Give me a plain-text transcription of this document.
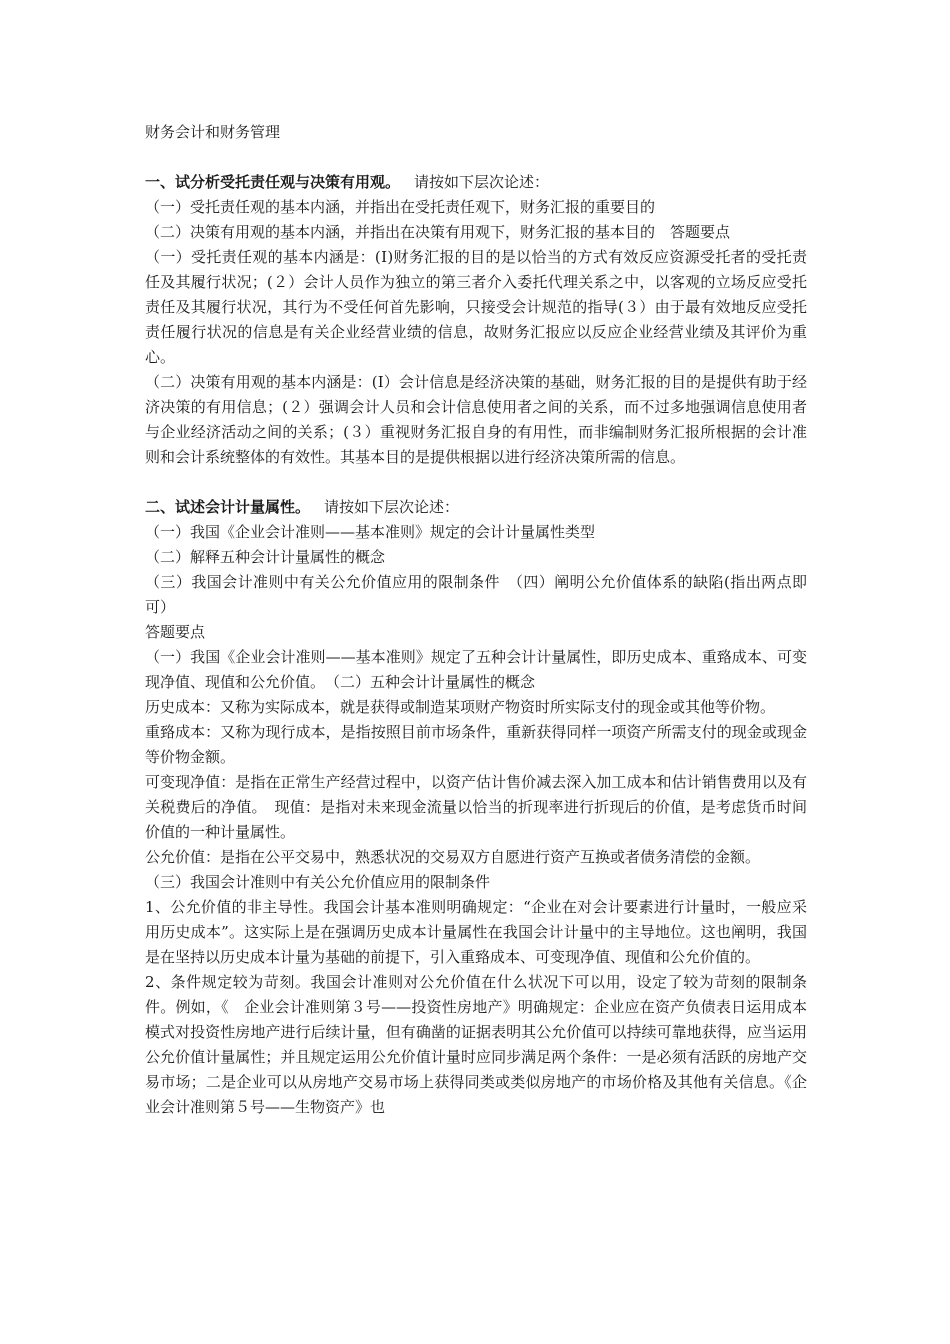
财务会计和财务管理

一、试分析受托责任观与决策有用观。 请按如下层次论述：

（一）受托责任观的基本内涵，并指出在受托责任观下，财务汇报的重要目的

（二）决策有用观的基本内涵，并指出在决策有用观下，财务汇报的基本目的　答题要点

（一）受托责任观的基本内涵是：(Ⅰ)财务汇报的目的是以恰当的方式有效反应资源受托者的受托责任及其履行状况；(２）会计人员作为独立的第三者介入委托代理关系之中，以客观的立场反应受托责任及其履行状况，其行为不受任何首先影响，只接受会计规范的指导(３）由于最有效地反应受托责任履行状况的信息是有关企业经营业绩的信息，故财务汇报应以反应企业经营业绩及其评价为重心。

（二）决策有用观的基本内涵是：(Ⅰ）会计信息是经济决策的基础，财务汇报的目的是提供有助于经济决策的有用信息；(２）强调会计人员和会计信息使用者之间的关系，而不过多地强调信息使用者与企业经济活动之间的关系；(３）重视财务汇报自身的有用性，而非编制财务汇报所根据的会计准则和会计系统整体的有效性。其基本目的是提供根据以进行经济决策所需的信息。

二、试述会计计量属性。 请按如下层次论述：

（一）我国《企业会计准则——基本准则》规定的会计计量属性类型

（二）解释五种会计计量属性的概念

（三）我国会计准则中有关公允价值应用的限制条件　（四）阐明公允价值体系的缺陷(指出两点即可）

答题要点

（一）我国《企业会计准则——基本准则》规定了五种会计计量属性，即历史成本、重臵成本、可变现净值、现值和公允价值。　（二）五种会计计量属性的概念

历史成本：又称为实际成本，就是获得或制造某项财产物资时所实际支付的现金或其他等价物。

重臵成本：又称为现行成本，是指按照目前市场条件，重新获得同样一项资产所需支付的现金或现金等价物金额。

可变现净值：是指在正常生产经营过程中，以资产估计售价减去深入加工成本和估计销售费用以及有关税费后的净值。　现值：是指对未来现金流量以恰当的折现率进行折现后的价值，是考虑货币时间价值的一种计量属性。

公允价值：是指在公平交易中，熟悉状况的交易双方自愿进行资产互换或者债务清偿的金额。

（三）我国会计准则中有关公允价值应用的限制条件

1、公允价值的非主导性。我国会计基本准则明确规定：“企业在对会计要素进行计量时，一般应采用历史成本”。这实际上是在强调历史成本计量属性在我国会计计量中的主导地位。这也阐明，我国是在坚持以历史成本计量为基础的前提下，引入重臵成本、可变现净值、现值和公允价值的。

2、条件规定较为苛刻。我国会计准则对公允价值在什么状况下可以用，设定了较为苛刻的限制条件。例如，《　企业会计准则第３号——投资性房地产》明确规定：企业应在资产负债表日运用成本模式对投资性房地产进行后续计量，但有确凿的证据表明其公允价值可以持续可靠地获得，应当运用公允价值计量属性；并且规定运用公允价值计量时应同步满足两个条件：一是必须有活跃的房地产交易市场；二是企业可以从房地产交易市场上获得同类或类似房地产的市场价格及其他有关信息。《企业会计准则第５号——生物资产》也
